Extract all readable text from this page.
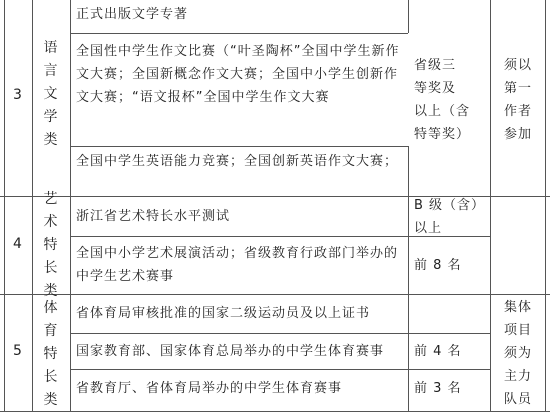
3
语
言
文
学
类
正式出版文学专著
全国性中学生作文比赛（“叶圣陶杯”全国中学生新作文大赛；全国新概念作文大赛；全国中小学生创新作文大赛；“语文报杯”全国中学生作文大赛
全国中学生英语能力竞赛；全国创新英语作文大赛；
省级三
等奖及
以上（含
特等奖）
须以
第一
作者
参加
4
艺
术
特
长
类
浙江省艺术特长水平测试
全国中小学艺术展演活动；省级教育行政部门举办的中学生艺术赛事
B 级（含）
以上
前 8 名
5
体
育
特
长
类
省体育局审核批准的国家二级运动员及以上证书
国家教育部、国家体育总局举办的中学生体育赛事
省教育厅、省体育局举办的中学生体育赛事
前 4 名
前 3 名
集体
项目
须为
主力
队员
